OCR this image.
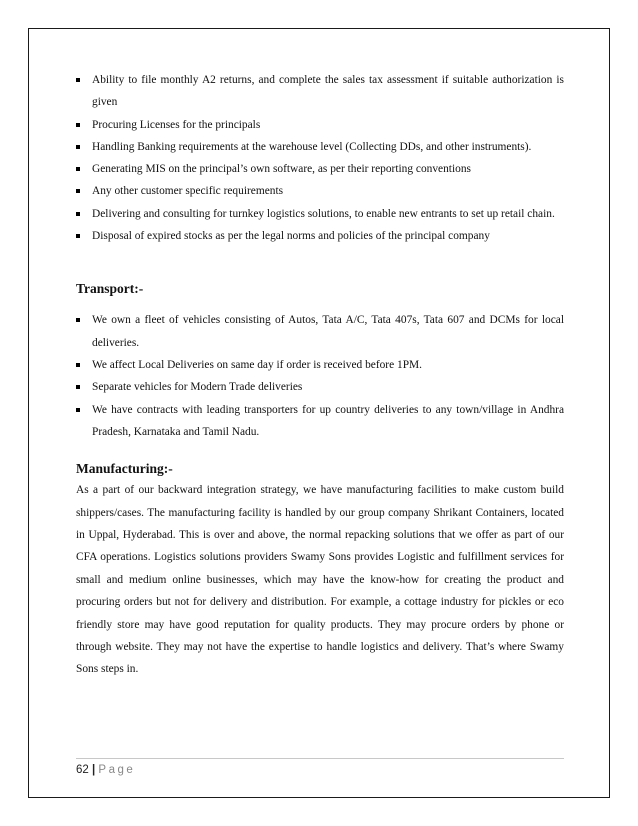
Ability to file monthly A2 returns, and complete the sales tax assessment if suitable authorization is given
Procuring Licenses for the principals
Handling Banking requirements at the warehouse level (Collecting DDs, and other instruments).
Generating MIS on the principal’s own software, as per their reporting conventions
Any other customer specific requirements
Delivering and consulting for turnkey logistics solutions, to enable new entrants to set up retail chain.
Disposal of expired stocks as per the legal norms and policies of the principal company
Transport:-
We own a fleet of vehicles consisting of Autos, Tata A/C, Tata 407s, Tata 607 and DCMs for local deliveries.
We affect Local Deliveries on same day if order is received before 1PM.
Separate vehicles for Modern Trade deliveries
We have contracts with leading transporters for up country deliveries to any town/village in Andhra Pradesh, Karnataka and Tamil Nadu.
Manufacturing:-

As a part of our backward integration strategy, we have manufacturing facilities to make custom build shippers/cases. The manufacturing facility is handled by our group company Shrikant Containers, located in Uppal, Hyderabad. This is over and above, the normal repacking solutions that we offer as part of our CFA operations. Logistics solutions providers Swamy Sons provides Logistic and fulfillment services for small and medium online businesses, which may have the know-how for creating the product and procuring orders but not for delivery and distribution. For example, a cottage industry for pickles or eco friendly store may have good reputation for quality products. They may procure orders by phone or through website. They may not have the expertise to handle logistics and delivery. That’s where Swamy Sons steps in.

62 | Page
